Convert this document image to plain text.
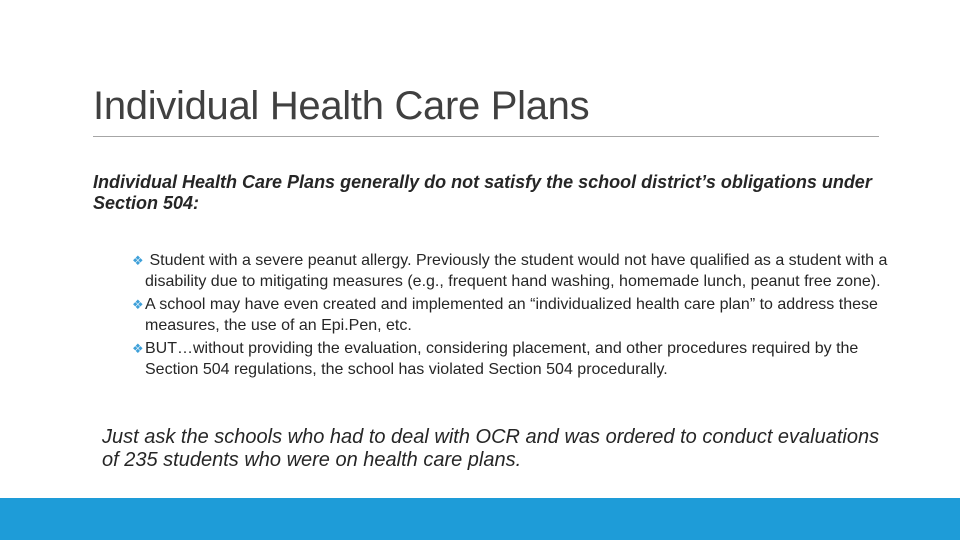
Individual Health Care Plans
Individual Health Care Plans generally do not satisfy the school district’s obligations under Section 504:
❖ Student with a severe peanut allergy. Previously the student would not have qualified as a student with a disability due to mitigating measures (e.g., frequent hand washing, homemade lunch, peanut free zone).
❖A school may have even created and implemented an “individualized health care plan” to address these measures, the use of an Epi.Pen, etc.
❖BUT…without providing the evaluation, considering placement, and other procedures required by the Section 504 regulations, the school has violated Section 504 procedurally.
Just ask the schools who had to deal with OCR and was ordered to conduct evaluations of 235 students who were on health care plans.
